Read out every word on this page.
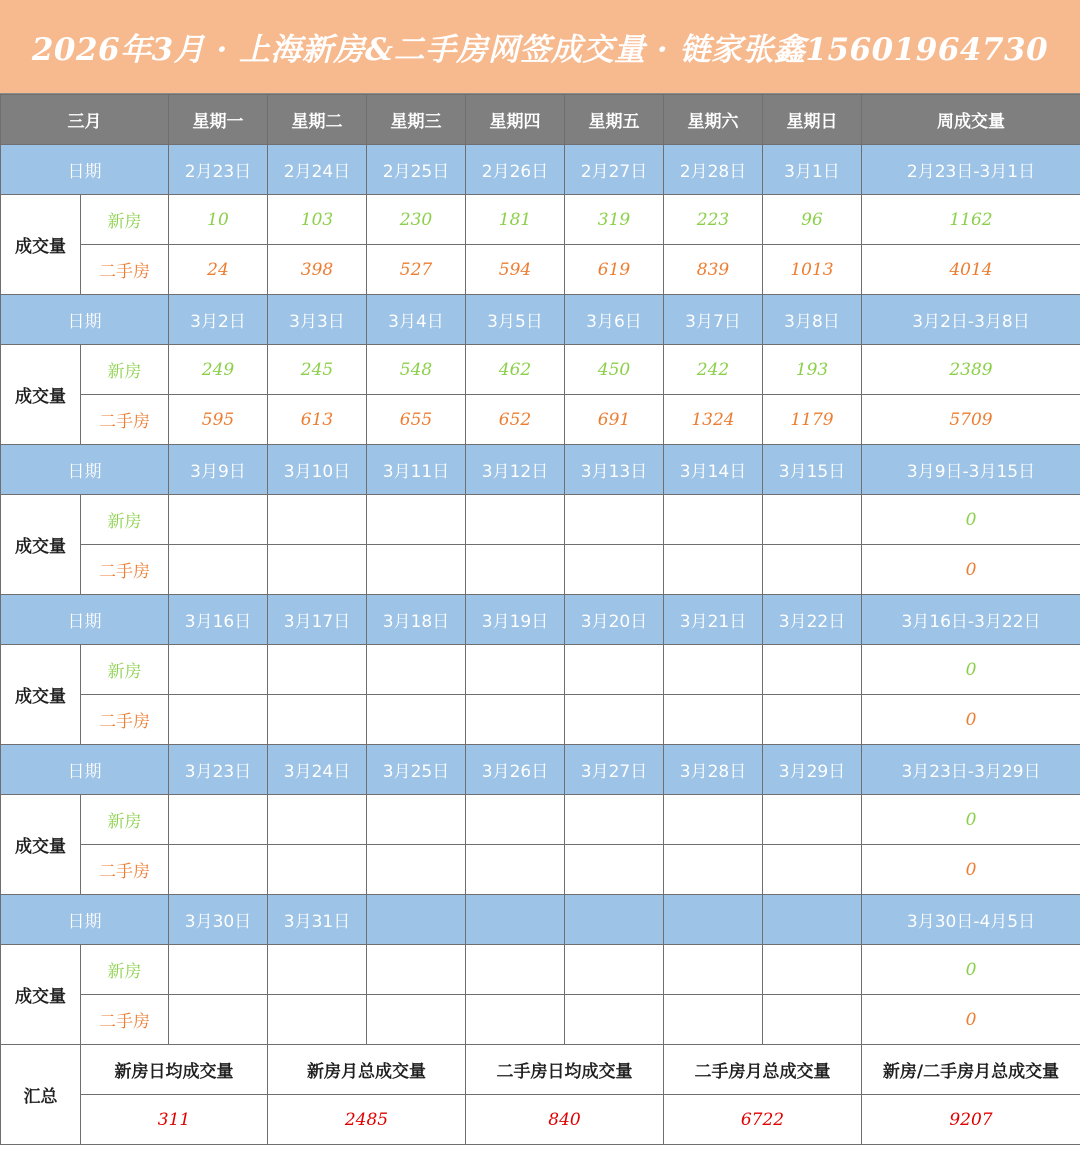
2026年3月 · 上海新房&二手房网签成交量 · 链家张鑫15601964730
三月		星期一	星期二	星期三	星期四	星期五	星期六	星期日	周成交量
日期		2月23日	2月24日	2月25日	2月26日	2月27日	2月28日	3月1日	2月23日-3月1日
成交量	新房	10	103	230	181	319	223	96	1162
	二手房	24	398	527	594	619	839	1013	4014
日期		3月2日	3月3日	3月4日	3月5日	3月6日	3月7日	3月8日	3月2日-3月8日
成交量	新房	249	245	548	462	450	242	193	2389
	二手房	595	613	655	652	691	1324	1179	5709
日期		3月9日	3月10日	3月11日	3月12日	3月13日	3月14日	3月15日	3月9日-3月15日
成交量	新房								0
	二手房								0
日期		3月16日	3月17日	3月18日	3月19日	3月20日	3月21日	3月22日	3月16日-3月22日
成交量	新房								0
	二手房								0
日期		3月23日	3月24日	3月25日	3月26日	3月27日	3月28日	3月29日	3月23日-3月29日
成交量	新房								0
	二手房								0
日期		3月30日	3月31日						3月30日-4月5日
成交量	新房								0
	二手房								0
汇总	新房日均成交量		新房月总成交量		二手房日均成交量		二手房月总成交量		新房/二手房月总成交量
	311		2485		840		6722		9207
